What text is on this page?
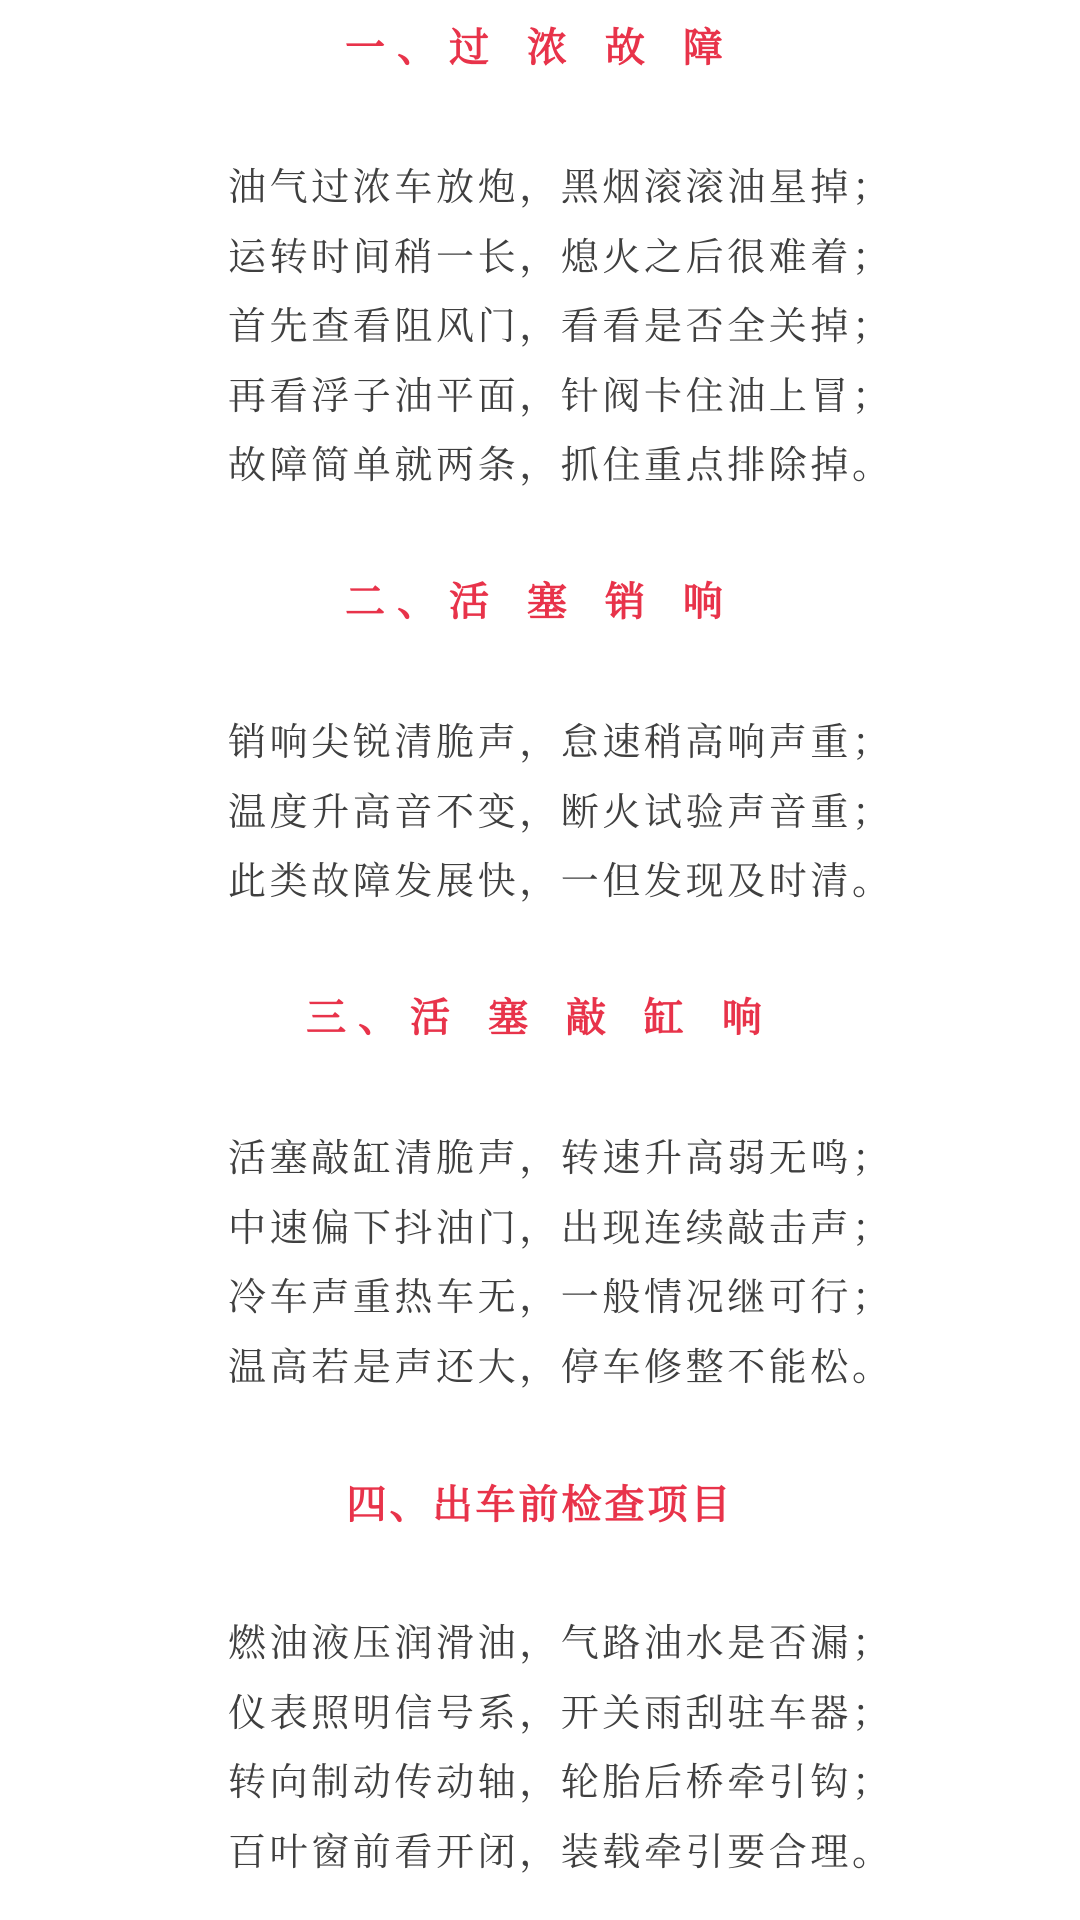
一、过 浓 故 障
油气过浓车放炮，黑烟滚滚油星掉；
运转时间稍一长，熄火之后很难着；
首先查看阻风门，看看是否全关掉；
再看浮子油平面，针阀卡住油上冒；
故障简单就两条，抓住重点排除掉。
二、活 塞 销 响
销响尖锐清脆声，怠速稍高响声重；
温度升高音不变，断火试验声音重；
此类故障发展快，一但发现及时清。
三、活 塞 敲 缸 响
活塞敲缸清脆声，转速升高弱无鸣；
中速偏下抖油门，出现连续敲击声；
冷车声重热车无，一般情况继可行；
温高若是声还大，停车修整不能松。
四、出车前检查项目
燃油液压润滑油，气路油水是否漏；
仪表照明信号系，开关雨刮驻车器；
转向制动传动轴，轮胎后桥牵引钩；
百叶窗前看开闭，装载牵引要合理。
